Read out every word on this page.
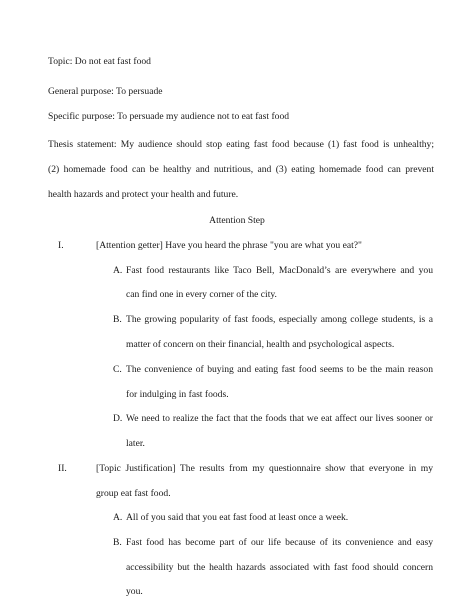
Topic: Do not eat fast food
General purpose: To persuade
Specific purpose: To persuade my audience not to eat fast food
Thesis statement: My audience should stop eating fast food because (1) fast food is unhealthy;
(2) homemade food can be healthy and nutritious, and (3) eating homemade food can prevent
health hazards and protect your health and future.
Attention Step
I.	[Attention getter] Have you heard the phrase "you are what you eat?"
A. Fast food restaurants like Taco Bell, MacDonald’s are everywhere and you
can find one in every corner of the city.
B. The growing popularity of fast foods, especially among college students, is a
matter of concern on their financial, health and psychological aspects.
C. The convenience of buying and eating fast food seems to be the main reason
for indulging in fast foods.
D. We need to realize the fact that the foods that we eat affect our lives sooner or
later.
II.	[Topic Justification] The results from my questionnaire show that everyone in my
group eat fast food.
A. All of you said that you eat fast food at least once a week.
B. Fast food has become part of our life because of its convenience and easy
accessibility but the health hazards associated with fast food should concern
you.
